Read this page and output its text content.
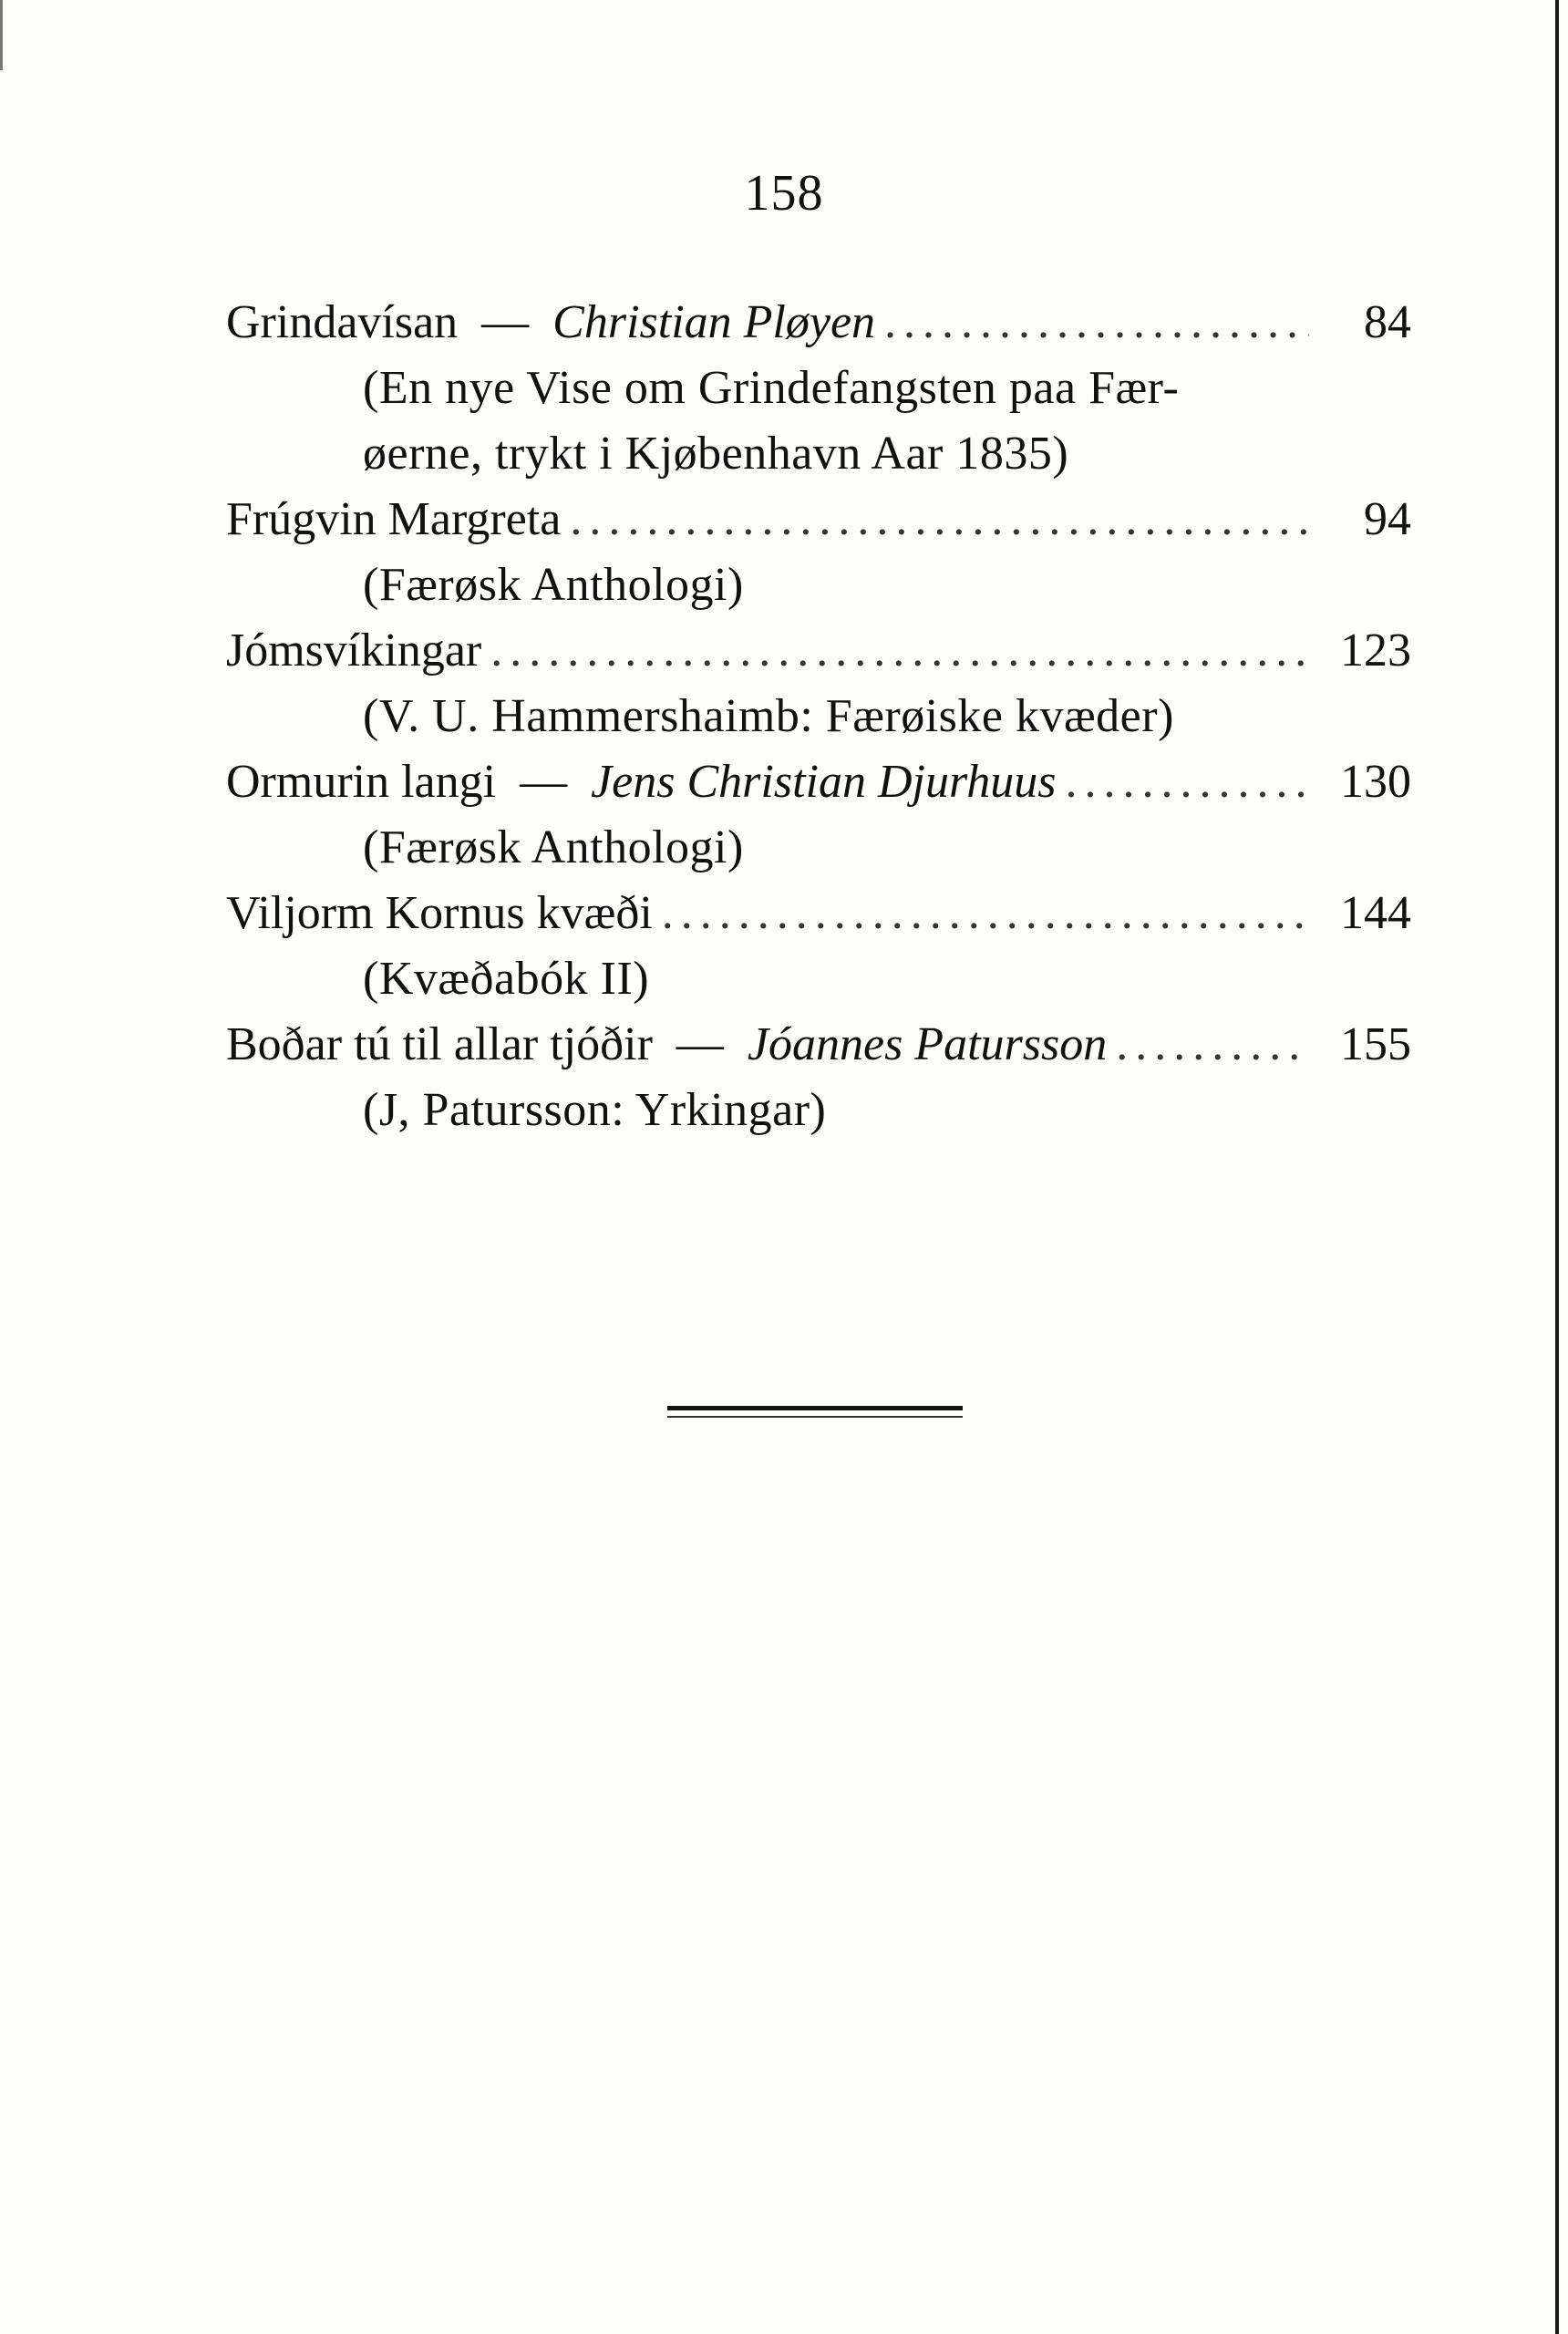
158
Grindavísan — Christian Pløyen .....	84
(En nye Vise om Grindefangsten paa Fær-
øerne, trykt i Kjøbenhavn Aar 1835)
Frúgvin Margreta .....	94
(Færøsk Anthologi)
Jómsvíkingar .....	123
(V. U. Hammershaimb: Færøiske kvæder)
Ormurin langi — Jens Christian Djurhuus .....	130
(Færøsk Anthologi)
Viljorm Kornus kvæði .....	144
(Kvæðabók II)
Boðar tú til allar tjóðir — Jóannes Patursson .....	155
(J, Patursson: Yrkingar)
